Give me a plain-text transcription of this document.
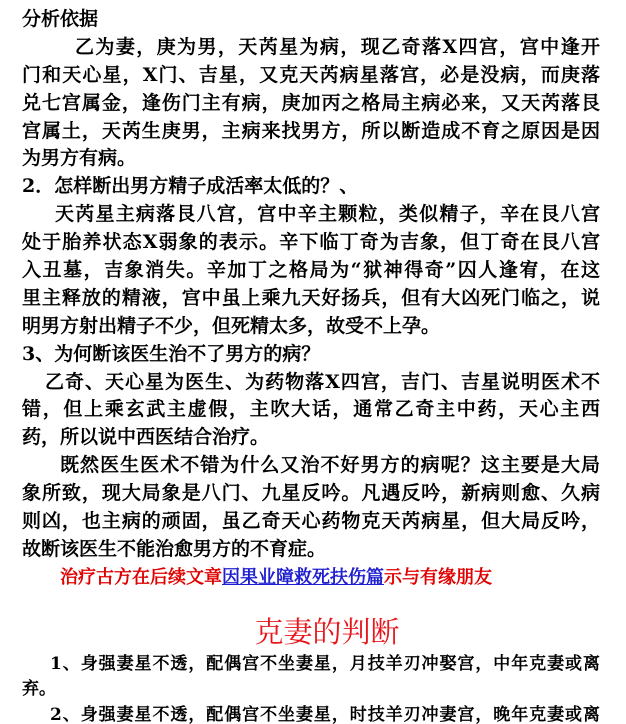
分析依据
乙为妻，庚为男，天芮星为病，现乙奇落X四宫，宫中逢开
门和天心星，X门、吉星，又克天芮病星落宫，必是没病，而庚落
兑七宫属金，逢伤门主有病，庚加丙之格局主病必来，又天芮落艮
宫属土，天芮生庚男，主病来找男方，所以断造成不育之原因是因
为男方有病。
2．怎样断出男方精子成活率太低的？、
天芮星主病落艮八宫，宫中辛主颗粒，类似精子，辛在艮八宫
处于胎养状态X弱象的表示。辛下临丁奇为吉象，但丁奇在艮八宫
入丑墓，吉象消失。辛加丁之格局为“狱神得奇”囚人逢宥，在这
里主释放的精液，宫中虽上乘九天好扬兵，但有大凶死门临之，说
明男方射出精子不少，但死精太多，故受不上孕。
3、为何断该医生治不了男方的病？
乙奇、天心星为医生、为药物落X四宫，吉门、吉星说明医术不
错，但上乘玄武主虚假，主吹大话，通常乙奇主中药，天心主西
药，所以说中西医结合治疗。
既然医生医术不错为什么又治不好男方的病呢？这主要是大局
象所致，现大局象是八门、九星反吟。凡遇反吟，新病则愈、久病
则凶，也主病的顽固，虽乙奇天心药物克天芮病星，但大局反吟，
故断该医生不能治愈男方的不育症。
治疗古方在后续文章因果业障救死扶伤篇示与有缘朋友
克妻的判断
1、身强妻星不透，配偶宫不坐妻星，月技羊刃冲娶宫，中年克妻或离
弃。
2、身强妻星不透，配偶宫不坐妻星，时技羊刃冲妻宫，晚年克妻或离
